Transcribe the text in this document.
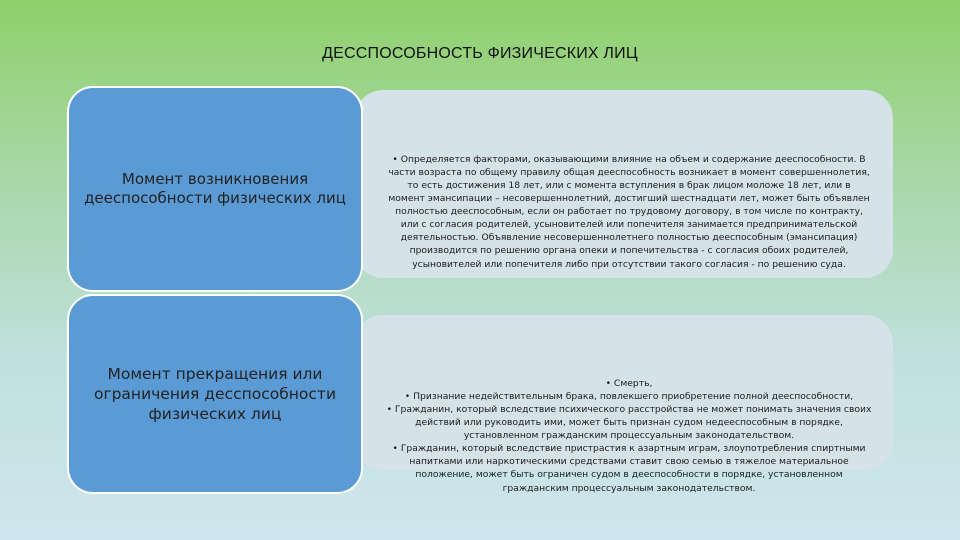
ДЕССПОСОБНОСТЬ ФИЗИЧЕСКИХ ЛИЦ
Момент возникновения дееспособности физических лиц
Момент прекращения или ограничения десспособности физических лиц

• Определяется факторами, оказывающими влияние на объем и содержание дееспособности. В части возраста по общему правилу общая дееспособность возникает в момент совершеннолетия, то есть достижения 18 лет, или с момента вступления в брак лицом моложе 18 лет, или в момент эмансипации – несовершеннолетний, достигший шестнадцати лет, может быть объявлен полностью дееспособным, если он работает по трудовому договору, в том числе по контракту, или с согласия родителей, усыновителей или попечителя занимается предпринимательской деятельностью. Объявление несовершеннолетнего полностью дееспособным (эмансипация) производится по решению органа опеки и попечительства - с согласия обоих родителей, усыновителей или попечителя либо при отсутствии такого согласия - по решению суда.

• Смерть,

• Признание недействительным брака, повлекшего приобретение полной дееспособности,

• Гражданин, который вследствие психического расстройства не может понимать значения своих действий или руководить ими, может быть признан судом недееспособным в порядке, установленном гражданским процессуальным законодательством.

• Гражданин, который вследствие пристрастия к азартным играм, злоупотребления спиртными напитками или наркотическими средствами ставит свою семью в тяжелое материальное положение, может быть ограничен судом в дееспособности в порядке, установленном гражданским процессуальным законодательством.
